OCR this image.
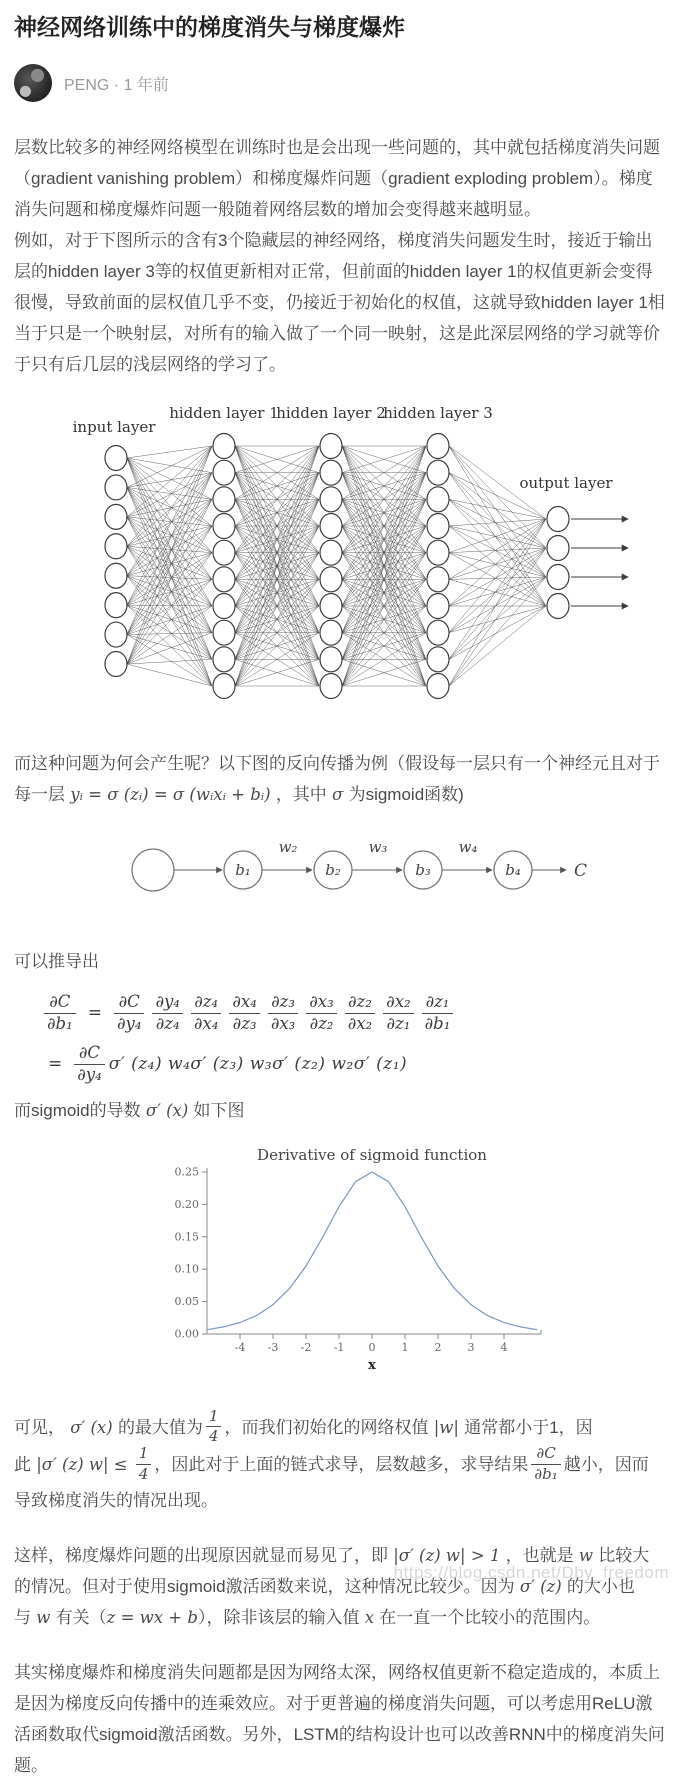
神经网络训练中的梯度消失与梯度爆炸
PENG · 1 年前

层数比较多的神经网络模型在训练时也是会出现一些问题的，其中就包括梯度消失问题（gradient vanishing problem）和梯度爆炸问题（gradient exploding problem）。梯度消失问题和梯度爆炸问题一般随着网络层数的增加会变得越来越明显。

例如，对于下图所示的含有3个隐藏层的神经网络，梯度消失问题发生时，接近于输出层的hidden layer 3等的权值更新相对正常，但前面的hidden layer 1的权值更新会变得很慢，导致前面的层权值几乎不变，仍接近于初始化的权值，这就导致hidden layer 1相当于只是一个映射层，对所有的输入做了一个同一映射，这是此深层网络的学习就等价于只有后几层的浅层网络的学习了。

input layer
hidden layer 1
hidden layer 2
hidden layer 3
output layer

而这种问题为何会产生呢？以下图的反向传播为例（假设每一层只有一个神经元且对于每一层 yᵢ = σ (zᵢ) = σ (wᵢxᵢ + bᵢ) ，其中 σ 为sigmoid函数)

b₁	b₂	b₃	b₄
w₂	w₃	w₄
C

可以推导出

$\frac{\partial C}{\text{∂b₁}} = \frac{\partial C}{\text{∂y₄}} \frac{\text{∂y₄}}{\text{∂z₄}} \frac{\text{∂z₄}}{\text{∂x₄}} \frac{\text{∂x₄}}{\text{∂z₃}} \frac{\text{∂z₃}}{\text{∂x₃}} \frac{\text{∂x₃}}{\text{∂z₂}} \frac{\text{∂z₂}}{\text{∂x₂}} \frac{\text{∂x₂}}{\text{∂z₁}} \frac{\text{∂z₁}}{\text{∂b₁}}$
= $\frac{\partial C}{\text{∂y₄}} \sigma'$ (z₄) w₄σ′ (z₃) w₃σ′ (z₂) w₂σ′ (z₁)

而sigmoid的导数 σ′ (x) 如下图

Derivative of sigmoid function
0.00
0.05
0.10
0.15
0.20
0.25
-4 -3 -2 -1 0 1 2 3 4
x

可见， σ′ (x) 的最大值为 $\frac{1}{4}$ ，而我们初始化的网络权值 |w| 通常都小于1，因此 |σ′ (z) $w| \le \frac{1}{4}$ ，因此对于上面的链式求导，层数越多，求导结果 $\frac{\partial C}{\text{∂b₁}}$ 越小，因而导致梯度消失的情况出现。

这样，梯度爆炸问题的出现原因就显而易见了，即 |σ′ (z) w| > 1 ，也就是 w 比较大的情况。但对于使用sigmoid激活函数来说，这种情况比较少。因为 σ′ (z) 的大小也与 w 有关（z = wx + b），除非该层的输入值 x 在一直一个比较小的范围内。

其实梯度爆炸和梯度消失问题都是因为网络太深，网络权值更新不稳定造成的，本质上是因为梯度反向传播中的连乘效应。对于更普遍的梯度消失问题，可以考虑用ReLU激活函数取代sigmoid激活函数。另外，LSTM的结构设计也可以改善RNN中的梯度消失问题。

https://blog.csdn.net/Dby_freedom
